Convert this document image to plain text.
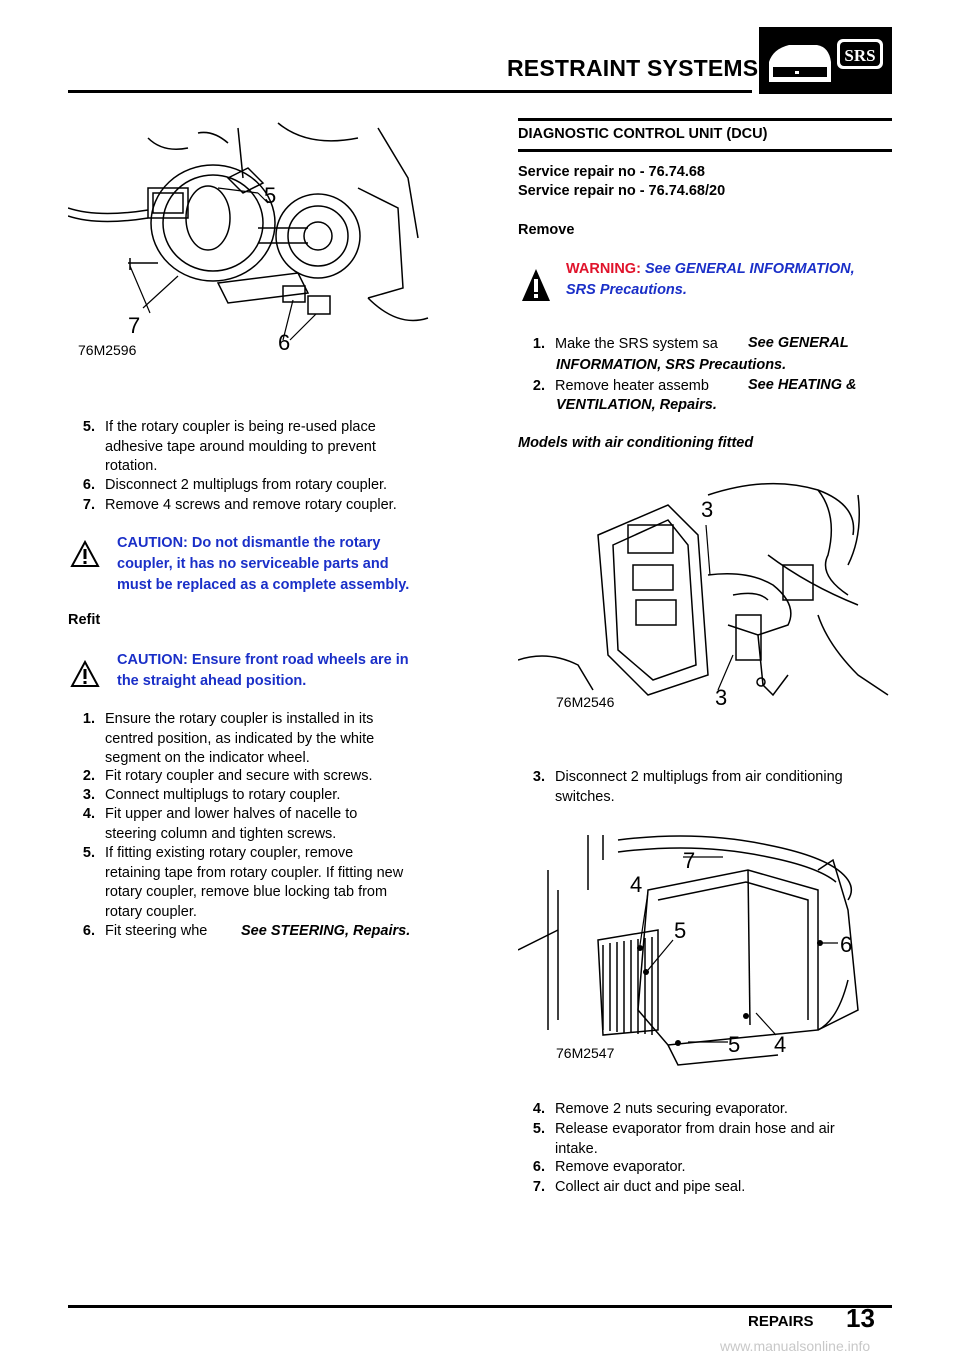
RESTRAINT SYSTEMS	SRS
5
7
6
76M2596
5. If the rotary coupler is being re-used place
adhesive tape around moulding to prevent
rotation.
6. Disconnect 2 multiplugs from rotary coupler.
7. Remove 4 screws and remove rotary coupler.
CAUTION: Do not dismantle the rotary
coupler, it has no serviceable parts and
must be replaced as a complete assembly.
Refit
CAUTION: Ensure front road wheels are in
the straight ahead position.
1. Ensure the rotary coupler is installed in its
centred position, as indicated by the white
segment on the indicator wheel.
2. Fit rotary coupler and secure with screws.
3. Connect multiplugs to rotary coupler.
4. Fit upper and lower halves of nacelle to
steering column and tighten screws.
5. If fitting existing rotary coupler, remove
retaining tape from rotary coupler. If fitting new
rotary coupler, remove blue locking tab from
rotary coupler.
6. Fit steering whe	See STEERING, Repairs.
DIAGNOSTIC CONTROL UNIT (DCU)
Service repair no - 76.74.68
Service repair no - 76.74.68/20
Remove
WARNING: See GENERAL INFORMATION,
SRS Precautions.
1. Make the SRS system sa	See GENERAL
INFORMATION, SRS Precautions.
2. Remove heater assemb	See HEATING &
VENTILATION, Repairs.
Models with air conditioning fitted
3
3
76M2546
3. Disconnect 2 multiplugs from air conditioning
switches.
7
4
5
6
5 4
76M2547
4. Remove 2 nuts securing evaporator.
5. Release evaporator from drain hose and air
intake.
6. Remove evaporator.
7. Collect air duct and pipe seal.
REPAIRS 13
www.manualsonline.info
